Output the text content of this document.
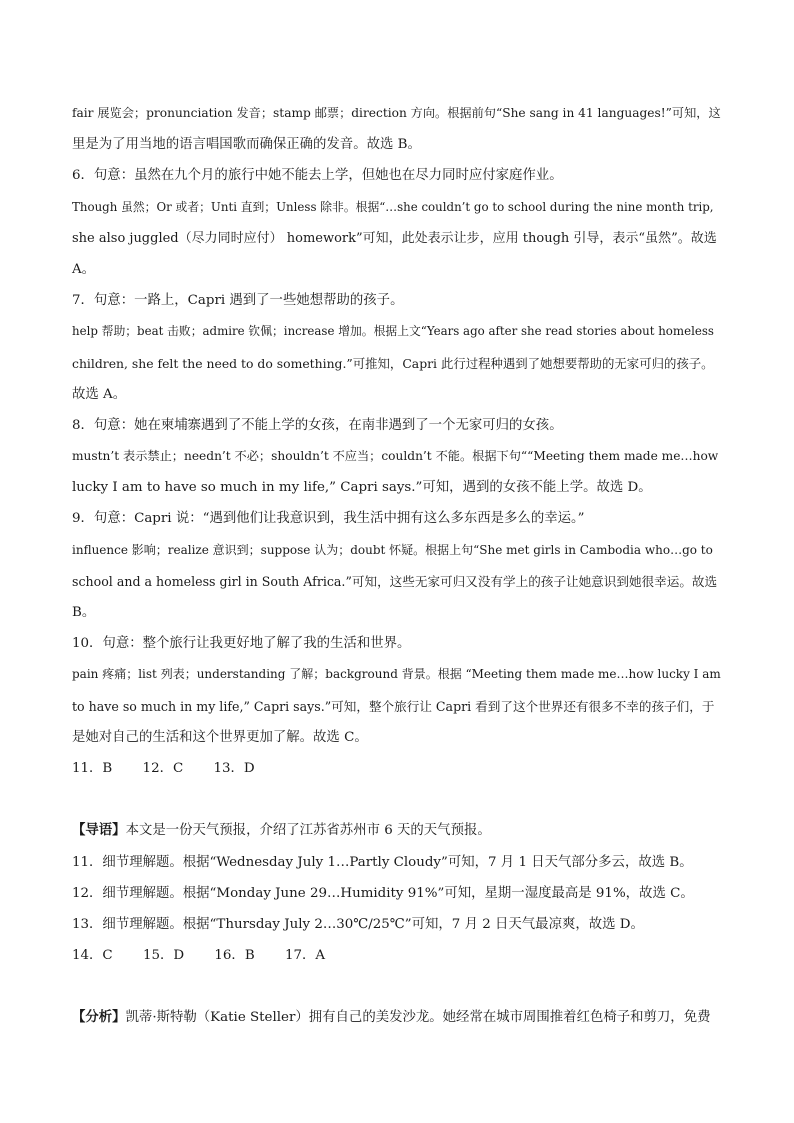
fair 展览会；pronunciation 发音；stamp 邮票；direction 方向。根据前句“She sang in 41 languages!”可知，这
里是为了用当地的语言唱国歌而确保正确的发音。故选 B。
6．句意：虽然在九个月的旅行中她不能去上学，但她也在尽力同时应付家庭作业。
Though 虽然；Or 或者；Unti 直到；Unless 除非。根据“…she couldn’t go to school during the nine month trip,
she also juggled（尽力同时应付） homework”可知，此处表示让步，应用 though 引导，表示“虽然”。故选
A。
7．句意：一路上，Capri 遇到了一些她想帮助的孩子。
help 帮助；beat 击败；admire 钦佩；increase 增加。根据上文“Years ago after she read stories about homeless
children, she felt the need to do something.”可推知，Capri 此行过程种遇到了她想要帮助的无家可归的孩子。
故选 A。
8．句意：她在柬埔寨遇到了不能上学的女孩，在南非遇到了一个无家可归的女孩。
mustn’t 表示禁止；needn’t 不必；shouldn’t 不应当；couldn’t 不能。根据下句““Meeting them made me…how
lucky I am to have so much in my life,” Capri says.”可知，遇到的女孩不能上学。故选 D。
9．句意：Capri 说：“遇到他们让我意识到，我生活中拥有这么多东西是多么的幸运。”
influence 影响；realize 意识到；suppose 认为；doubt 怀疑。根据上句“She met girls in Cambodia who…go to
school and a homeless girl in South Africa.”可知，这些无家可归又没有学上的孩子让她意识到她很幸运。故选
B。
10．句意：整个旅行让我更好地了解了我的生活和世界。
pain 疼痛；list 列表；understanding 了解；background 背景。根据 “Meeting them made me…how lucky I am
to have so much in my life,” Capri says.”可知，整个旅行让 Capri 看到了这个世界还有很多不幸的孩子们，于
是她对自己的生活和这个世界更加了解。故选 C。
11．B 12．C 13．D
【导语】本文是一份天气预报，介绍了江苏省苏州市 6 天的天气预报。
11．细节理解题。根据“Wednesday July 1…Partly Cloudy”可知，7 月 1 日天气部分多云，故选 B。
12．细节理解题。根据“Monday June 29…Humidity 91%”可知，星期一湿度最高是 91%，故选 C。
13．细节理解题。根据“Thursday July 2…30℃/25℃”可知，7 月 2 日天气最凉爽，故选 D。
14．C 15．D 16．B 17．A
【分析】凯蒂·斯特勒（Katie Steller）拥有自己的美发沙龙。她经常在城市周围推着红色椅子和剪刀，免费
